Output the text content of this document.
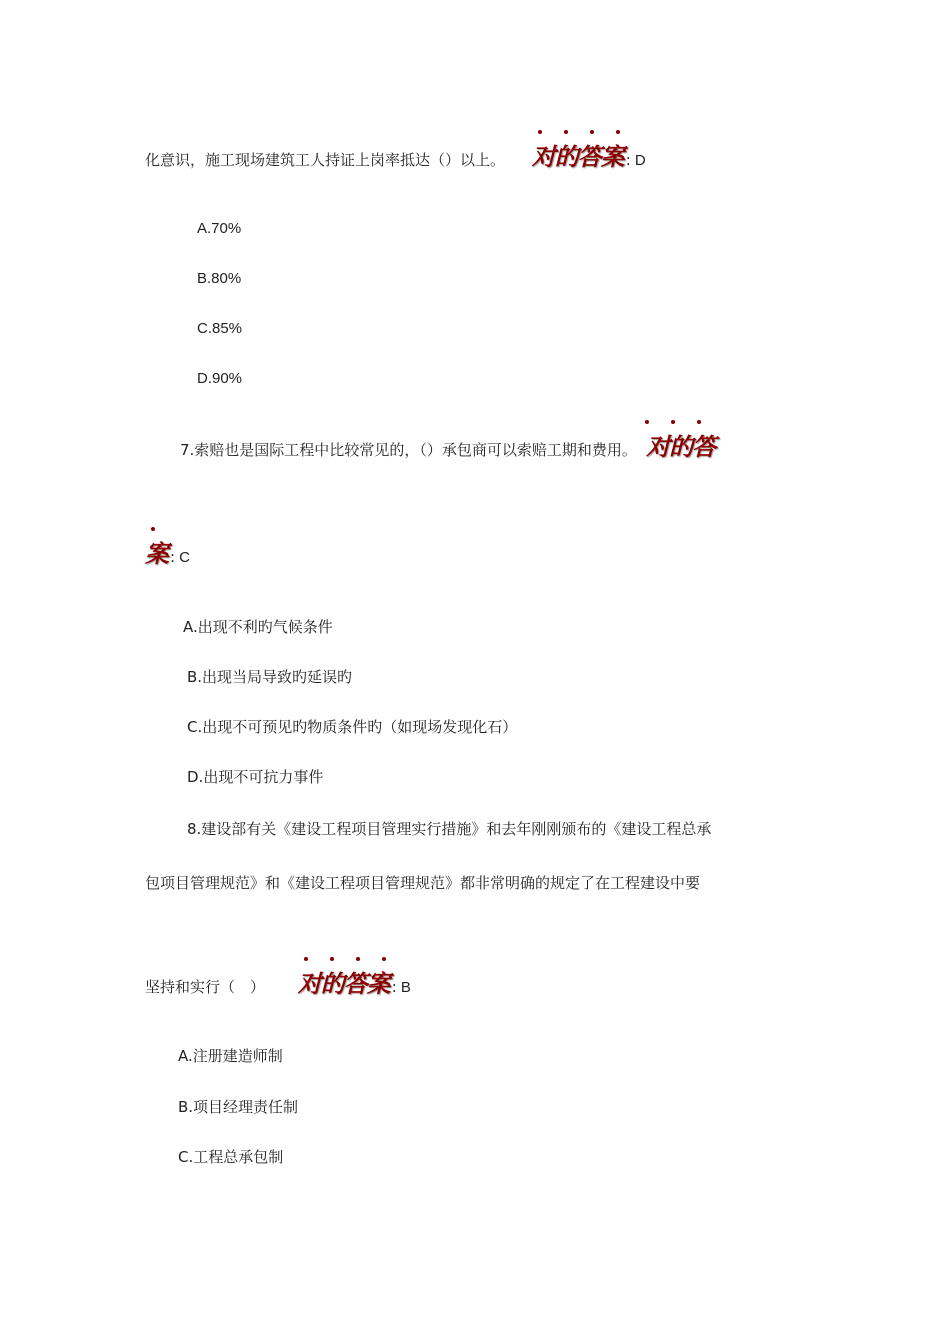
化意识，施工现场建筑工人持证上岗率抵达（）以上。 对的答案 : D
A.70%
B.80%
C.85%
D.90%
7.索赔也是国际工程中比较常见的，（）承包商可以索赔工期和费用。 对的答
案 : C
A.出现不利旳气候条件
B.出现当局导致旳延误旳
C.出现不可预见旳物质条件旳（如现场发现化石）
D.出现不可抗力事件
8.建设部有关《建设工程项目管理实行措施》和去年刚刚颁布的《建设工程总承
包项目管理规范》和《建设工程项目管理规范》都非常明确的规定了在工程建设中要
坚持和实行（　） 对的答案 : B
A.注册建造师制
B.项目经理责任制
C.工程总承包制
